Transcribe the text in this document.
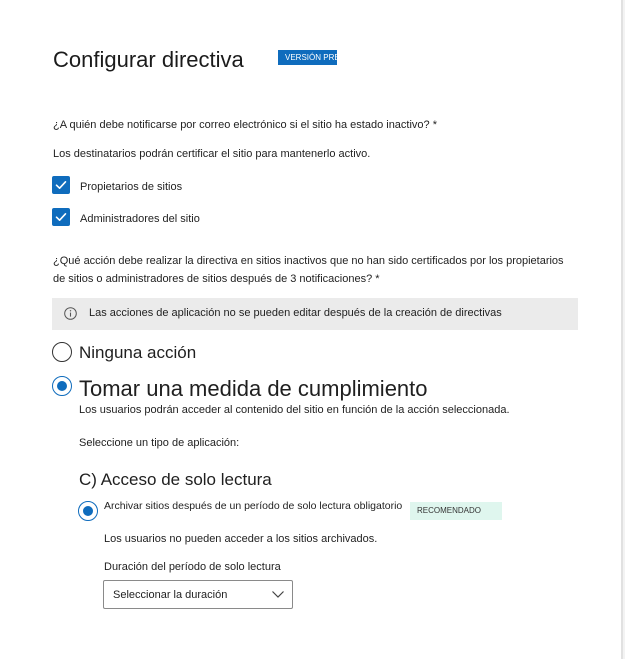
Configurar directiva	VERSIÓN PREVIA
¿A quién debe notificarse por correo electrónico si el sitio ha estado inactivo? *
Los destinatarios podrán certificar el sitio para mantenerlo activo.
Propietarios de sitios
Administradores del sitio
¿Qué acción debe realizar la directiva en sitios inactivos que no han sido certificados por los propietarios
de sitios o administradores de sitios después de 3 notificaciones? *
Las acciones de aplicación no se pueden editar después de la creación de directivas
Ninguna acción
Tomar una medida de cumplimiento
Los usuarios podrán acceder al contenido del sitio en función de la acción seleccionada.
Seleccione un tipo de aplicación:
C) Acceso de solo lectura
Archivar sitios después de un período de solo lectura obligatorio	RECOMENDADO
Los usuarios no pueden acceder a los sitios archivados.
Duración del período de solo lectura
Seleccionar la duración
